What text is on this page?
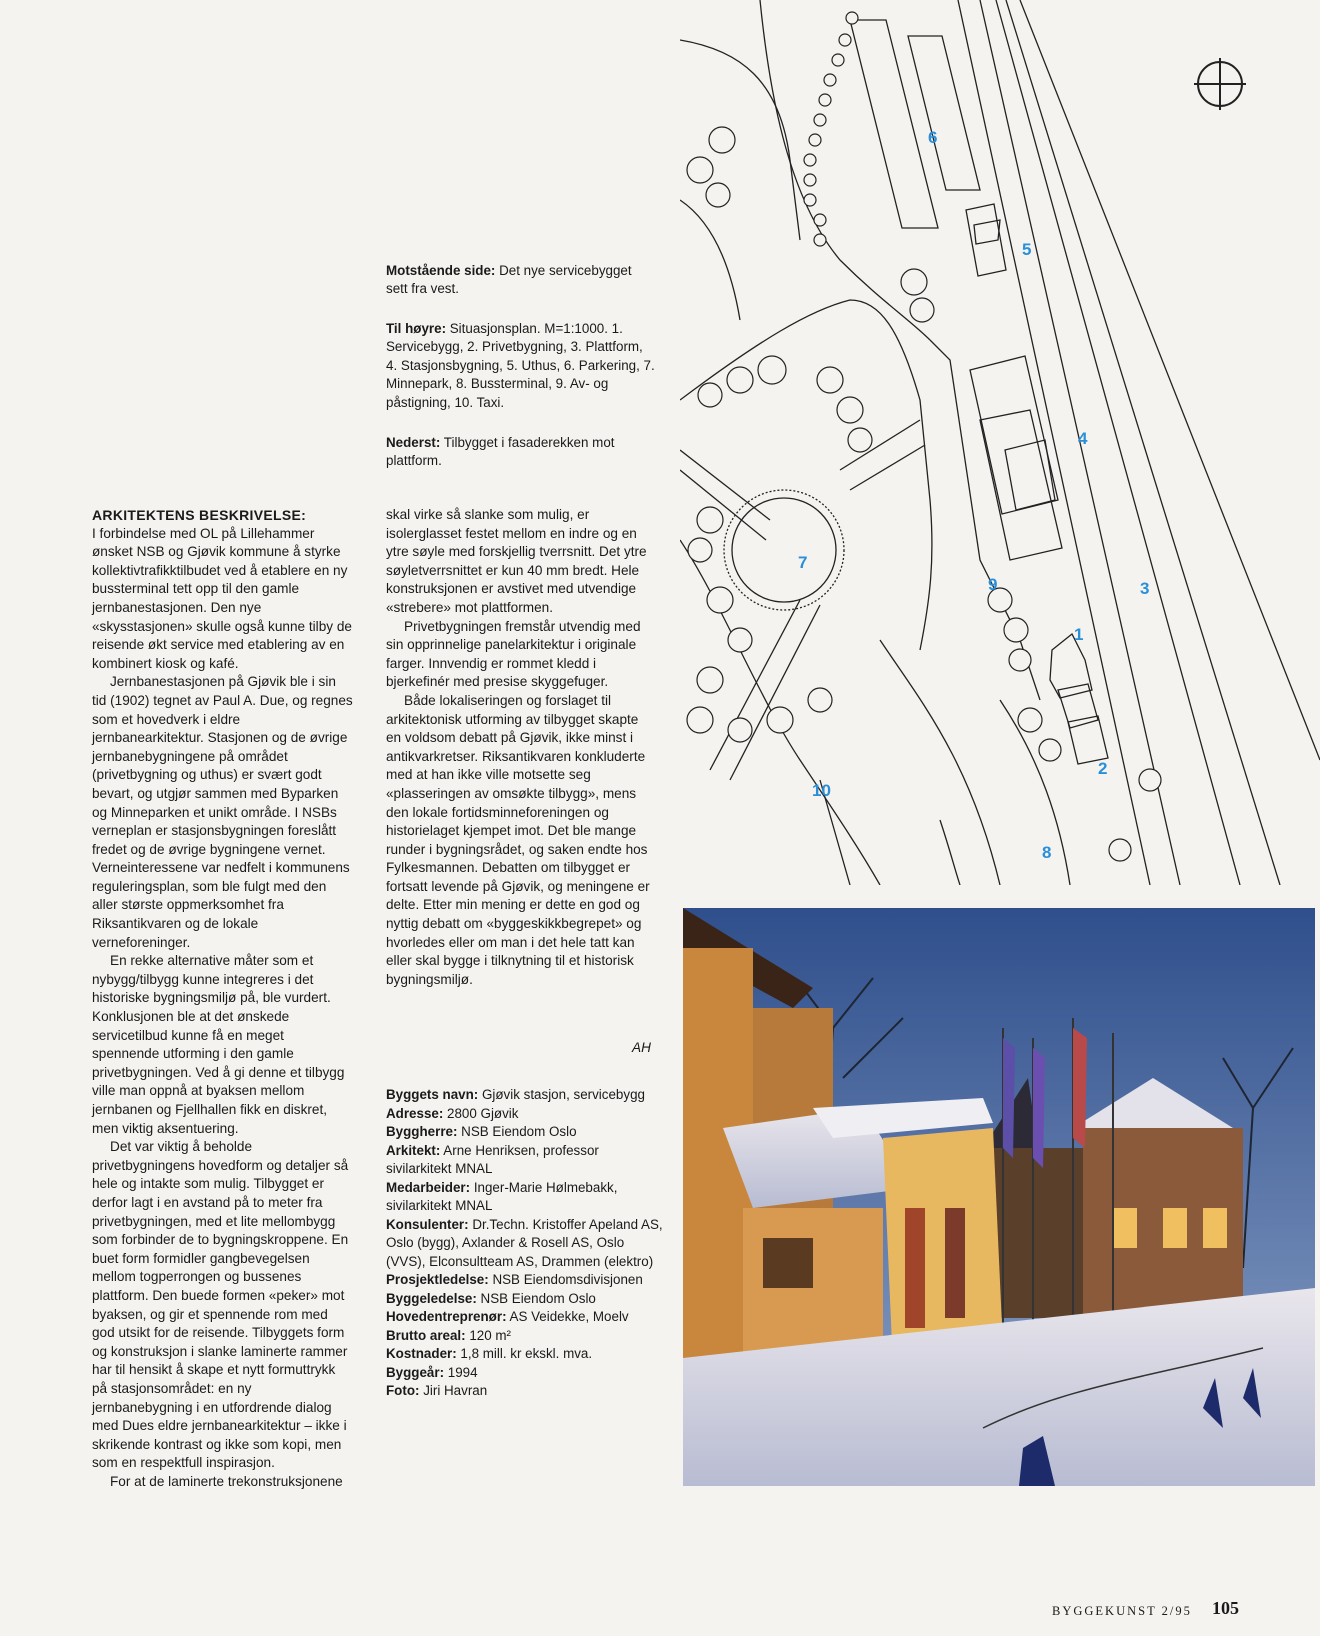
Motstående side: Det nye servicebygget sett fra vest.
Til høyre: Situasjonsplan. M=1:1000. 1. Servicebygg, 2. Privetbygning, 3. Plattform, 4. Stasjonsbygning, 5. Uthus, 6. Parkering, 7. Minnepark, 8. Bussterminal, 9. Av- og påstigning, 10. Taxi.
Nederst: Tilbygget i fasaderekken mot plattform.
ARKITEKTENS BESKRIVELSE:

I forbindelse med OL på Lillehammer ønsket NSB og Gjøvik kommune å styrke kollektivtrafikktilbudet ved å etablere en ny bussterminal tett opp til den gamle jernbanestasjonen. Den nye «skysstasjonen» skulle også kunne tilby de reisende økt service med etablering av en kombinert kiosk og kafé.

Jernbanestasjonen på Gjøvik ble i sin tid (1902) tegnet av Paul A. Due, og regnes som et hovedverk i eldre jernbanearkitektur. Stasjonen og de øvrige jernbanebygningene på området (privetbygning og uthus) er svært godt bevart, og utgjør sammen med Byparken og Minneparken et unikt område. I NSBs verneplan er stasjonsbygningen foreslått fredet og de øvrige bygningene vernet. Verneinteressene var nedfelt i kommunens reguleringsplan, som ble fulgt med den aller største oppmerksomhet fra Riksantikvaren og de lokale verneforeninger.

En rekke alternative måter som et nybygg/tilbygg kunne integreres i det historiske bygningsmiljø på, ble vurdert. Konklusjonen ble at det ønskede servicetilbud kunne få en meget spennende utforming i den gamle privetbygningen. Ved å gi denne et tilbygg ville man oppnå at byaksen mellom jernbanen og Fjellhallen fikk en diskret, men viktig aksentuering.

Det var viktig å beholde privetbygningens hovedform og detaljer så hele og intakte som mulig. Tilbygget er derfor lagt i en avstand på to meter fra privetbygningen, med et lite mellombygg som forbinder de to bygningskroppene. En buet form formidler gangbevegelsen mellom togperrongen og bussenes plattform. Den buede formen «peker» mot byaksen, og gir et spennende rom med god utsikt for de reisende. Tilbyggets form og konstruksjon i slanke laminerte rammer har til hensikt å skape et nytt formuttrykk på stasjonsområdet: en ny jernbanebygning i en utfordrende dialog med Dues eldre jernbanearkitektur – ikke i skrikende kontrast og ikke som kopi, men som en respektfull inspirasjon.

For at de laminerte trekonstruksjonene

skal virke så slanke som mulig, er isolerglasset festet mellom en indre og en ytre søyle med forskjellig tverrsnitt. Det ytre søyletverrsnittet er kun 40 mm bredt. Hele konstruksjonen er avstivet med utvendige «strebere» mot plattformen.

Privetbygningen fremstår utvendig med sin opprinnelige panelarkitektur i originale farger. Innvendig er rommet kledd i bjerkefinér med presise skyggefuger.

Både lokaliseringen og forslaget til arkitektonisk utforming av tilbygget skapte en voldsom debatt på Gjøvik, ikke minst i antikvarkretser. Riksantikvaren konkluderte med at han ikke ville motsette seg «plasseringen av omsøkte tilbygg», mens den lokale fortidsminneforeningen og historielaget kjempet imot. Det ble mange runder i bygningsrådet, og saken endte hos Fylkesmannen. Debatten om tilbygget er fortsatt levende på Gjøvik, og meningene er delte. Etter min mening er dette en god og nyttig debatt om «byggeskikkbegrepet» og hvorledes eller om man i det hele tatt kan eller skal bygge i tilknytning til et historisk bygningsmiljø.

AH
Byggets navn: Gjøvik stasjon, servicebygg
Adresse: 2800 Gjøvik
Byggherre: NSB Eiendom Oslo
Arkitekt: Arne Henriksen, professor sivilarkitekt MNAL
Medarbeider: Inger-Marie Hølmebakk, sivilarkitekt MNAL
Konsulenter: Dr.Techn. Kristoffer Apeland AS, Oslo (bygg), Axlander & Rosell AS, Oslo (VVS), Elconsultteam AS, Drammen (elektro)
Prosjektledelse: NSB Eiendomsdivisjonen
Byggeledelse: NSB Eiendom Oslo
Hovedentreprenør: AS Veidekke, Moelv
Brutto areal: 120 m²
Kostnader: 1,8 mill. kr ekskl. mva.
Byggeår: 1994
Foto: Jiri Havran
1
2
3
4
5
6
7
8
9
10
BYGGEKUNST 2/95 105
